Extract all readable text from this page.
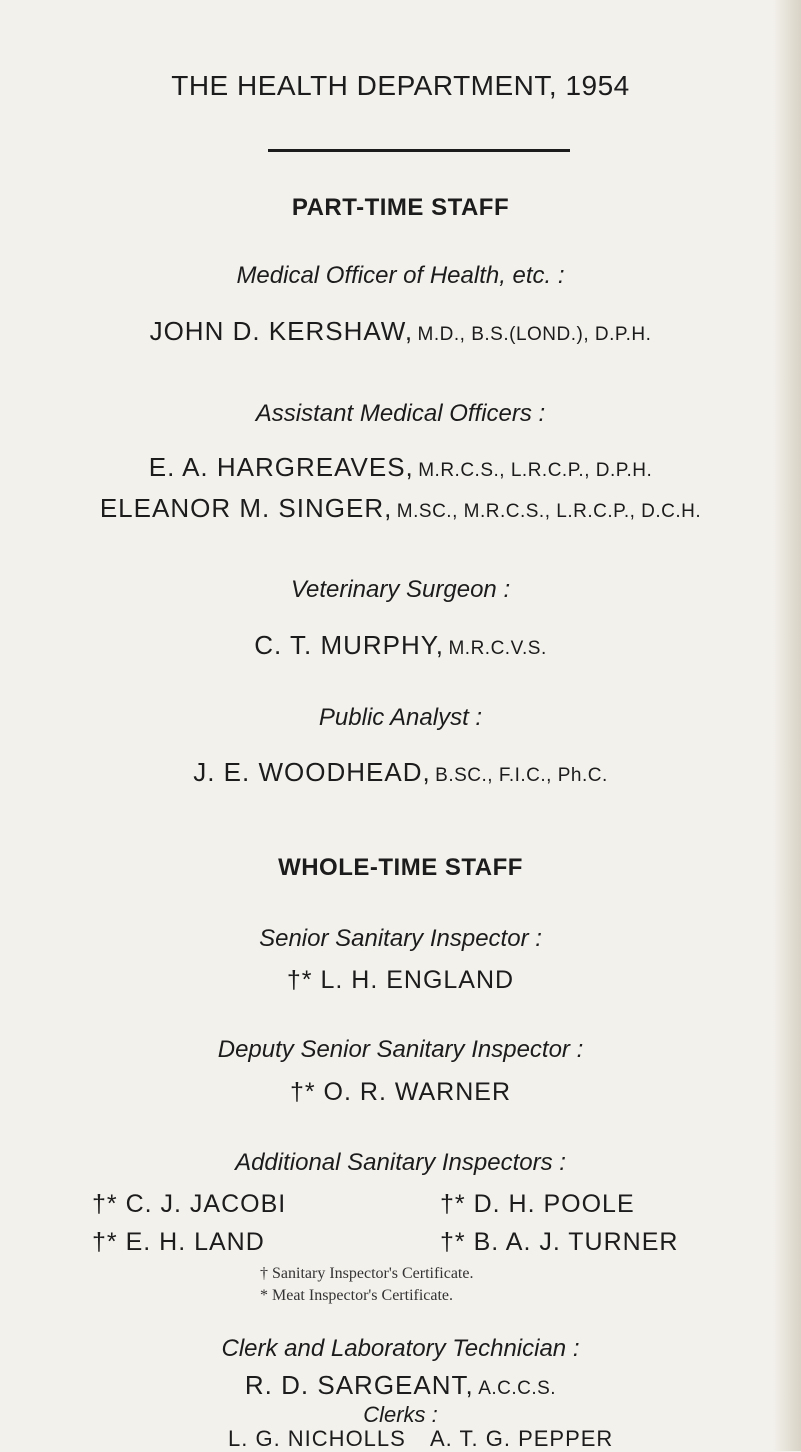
THE HEALTH DEPARTMENT, 1954
PART-TIME STAFF
Medical Officer of Health, etc. :
JOHN D. KERSHAW, M.D., B.S.(LOND.), D.P.H.
Assistant Medical Officers :
E. A. HARGREAVES, M.R.C.S., L.R.C.P., D.P.H.
ELEANOR M. SINGER, M.SC., M.R.C.S., L.R.C.P., D.C.H.
Veterinary Surgeon :
C. T. MURPHY, M.R.C.V.S.
Public Analyst :
J. E. WOODHEAD, B.SC., F.I.C., Ph.C.
WHOLE-TIME STAFF
Senior Sanitary Inspector :
†* L. H. ENGLAND
Deputy Senior Sanitary Inspector :
†* O. R. WARNER
Additional Sanitary Inspectors :
†* C. J. JACOBI	†* D. H. POOLE
†* E. H. LAND	†* B. A. J. TURNER
† Sanitary Inspector's Certificate.
* Meat Inspector's Certificate.
Clerk and Laboratory Technician :
R. D. SARGEANT, A.C.C.S.
Clerks :
L. G. NICHOLLS A. T. G. PEPPER
